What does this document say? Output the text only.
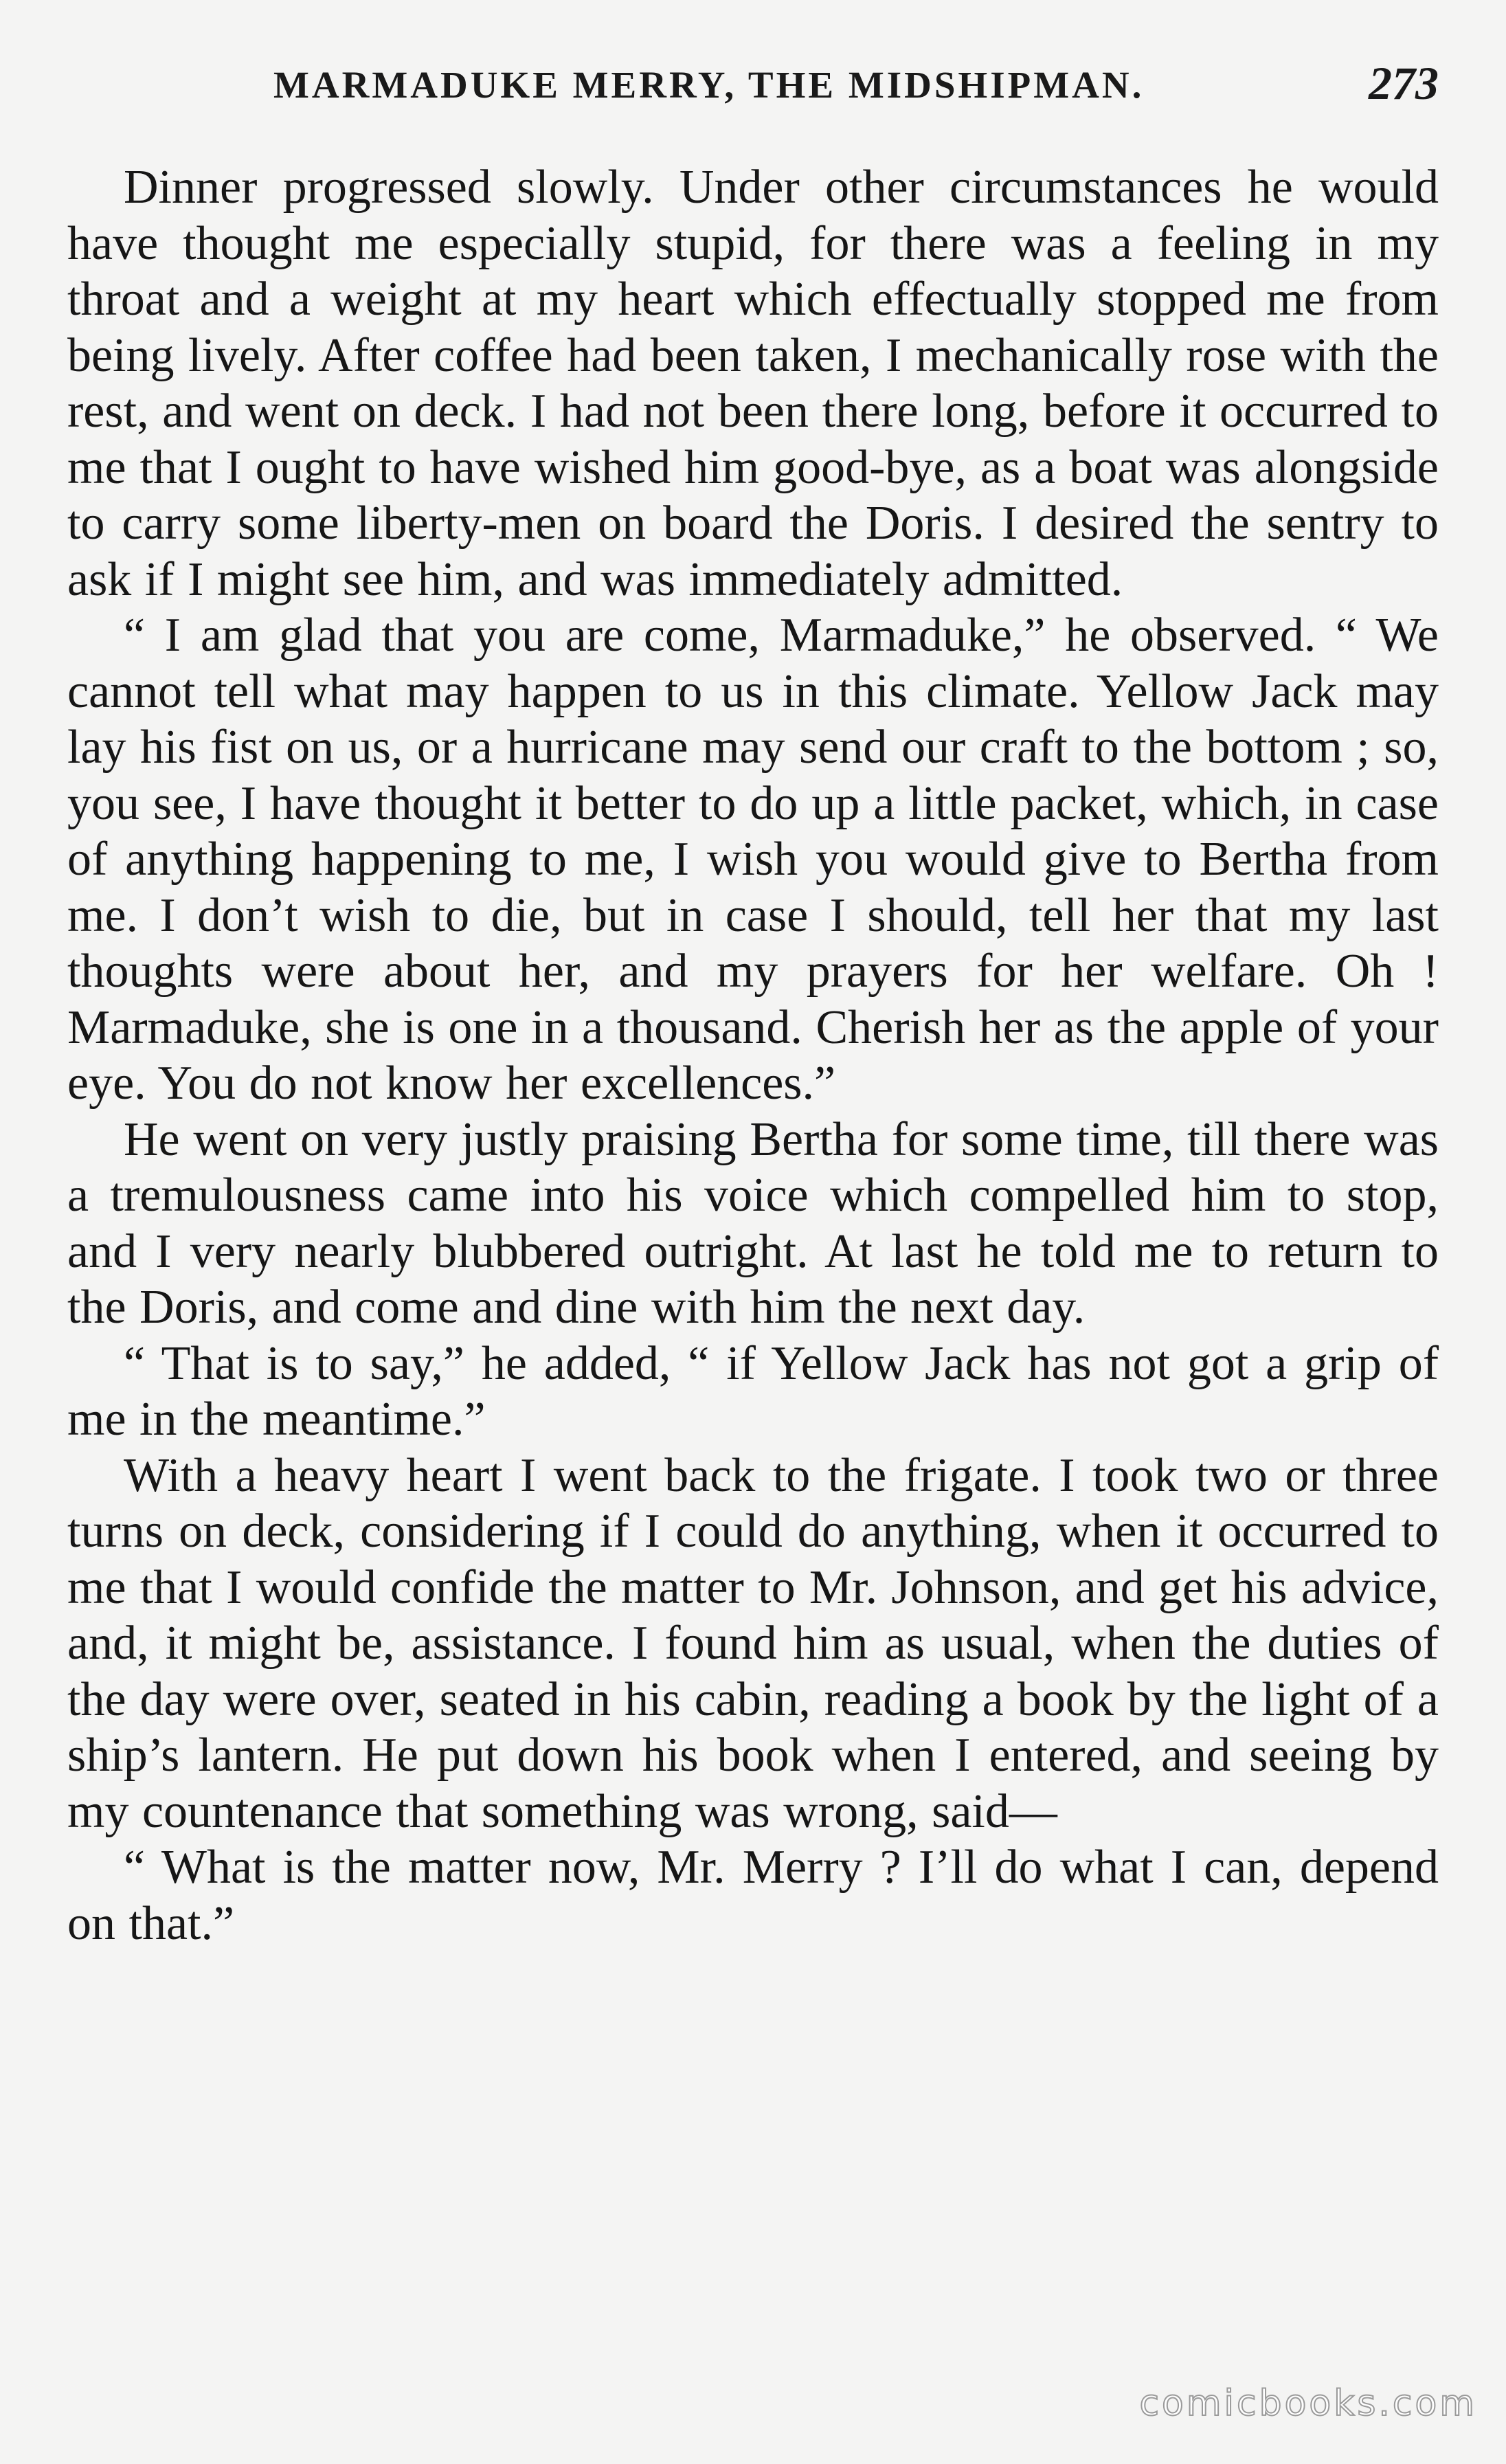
MARMADUKE MERRY, THE MIDSHIPMAN.	273

Dinner progressed slowly. Under other circumstances he would have thought me especially stupid, for there was a feeling in my throat and a weight at my heart which effectually stopped me from being lively. After coffee had been taken, I mechanically rose with the rest, and went on deck. I had not been there long, before it occurred to me that I ought to have wished him good-bye, as a boat was alongside to carry some liberty-men on board the Doris. I desired the sentry to ask if I might see him, and was immediately admitted.

“ I am glad that you are come, Marmaduke,” he observed. “ We cannot tell what may happen to us in this climate. Yellow Jack may lay his fist on us, or a hurricane may send our craft to the bottom ; so, you see, I have thought it better to do up a little packet, which, in case of anything happening to me, I wish you would give to Bertha from me. I don’t wish to die, but in case I should, tell her that my last thoughts were about her, and my prayers for her welfare. Oh ! Marmaduke, she is one in a thousand. Cherish her as the apple of your eye. You do not know her excellences.”

He went on very justly praising Bertha for some time, till there was a tremulousness came into his voice which compelled him to stop, and I very nearly blubbered outright. At last he told me to return to the Doris, and come and dine with him the next day.

“ That is to say,” he added, “ if Yellow Jack has not got a grip of me in the meantime.”

With a heavy heart I went back to the frigate. I took two or three turns on deck, considering if I could do anything, when it occurred to me that I would confide the matter to Mr. Johnson, and get his advice, and, it might be, assistance. I found him as usual, when the duties of the day were over, seated in his cabin, reading a book by the light of a ship’s lantern. He put down his book when I entered, and seeing by my countenance that something was wrong, said—

“ What is the matter now, Mr. Merry ? I’ll do what I can, depend on that.”

comicbooks.com
